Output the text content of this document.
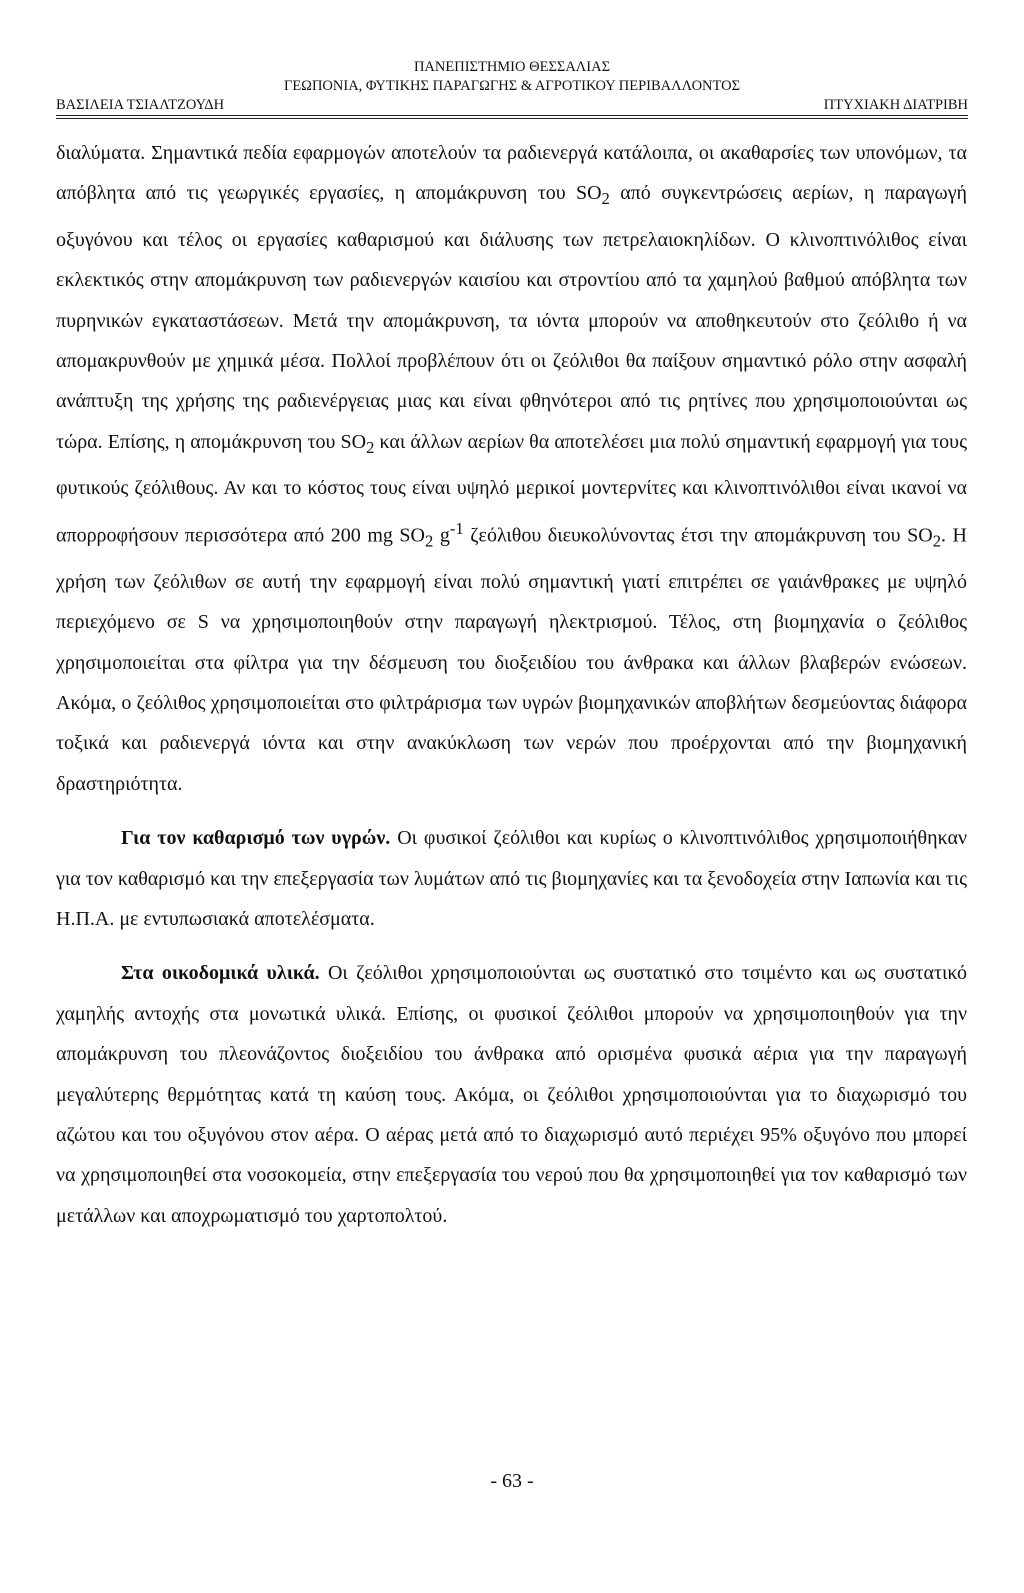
ΠΑΝΕΠΙΣΤΗΜΙΟ ΘΕΣΣΑΛΙΑΣ
ΓΕΩΠΟΝΙΑ, ΦΥΤΙΚΗΣ ΠΑΡΑΓΩΓΗΣ & ΑΓΡΟΤΙΚΟΥ ΠΕΡΙΒΑΛΛΟΝΤΟΣ
ΒΑΣΙΛΕΙΑ ΤΣΙΑΛΤΖΟΥΔΗ	ΠΤΥΧΙΑΚΗ ΔΙΑΤΡΙΒΗ

διαλύματα. Σημαντικά πεδία εφαρμογών αποτελούν τα ραδιενεργά κατάλοιπα, οι ακαθαρσίες των υπονόμων, τα απόβλητα από τις γεωργικές εργασίες, η απομάκρυνση του $SO_2$ από συγκεντρώσεις αερίων, η παραγωγή οξυγόνου και τέλος οι εργασίες καθαρισμού και διάλυσης των πετρελαιοκηλίδων. Ο κλινοπτινόλιθος είναι εκλεκτικός στην απομάκρυνση των ραδιενεργών καισίου και στροντίου από τα χαμηλού βαθμού απόβλητα των πυρηνικών εγκαταστάσεων. Μετά την απομάκρυνση, τα ιόντα μπορούν να αποθηκευτούν στο ζεόλιθο ή να απομακρυνθούν με χημικά μέσα. Πολλοί προβλέπουν ότι οι ζεόλιθοι θα παίξουν σημαντικό ρόλο στην ασφαλή ανάπτυξη της χρήσης της ραδιενέργειας μιας και είναι φθηνότεροι από τις ρητίνες που χρησιμοποιούνται ως τώρα. Επίσης, η απομάκρυνση του $SO_2$ και άλλων αερίων θα αποτελέσει μια πολύ σημαντική εφαρμογή για τους φυτικούς ζεόλιθους. Αν και το κόστος τους είναι υψηλό μερικοί μοντερνίτες και κλινοπτινόλιθοι είναι ικανοί να απορροφήσουν περισσότερα από 200 mg $SO_2$ $g^{-1}$ ζεόλιθου διευκολύνοντας έτσι την απομάκρυνση του $SO_2$. Η χρήση των ζεόλιθων σε αυτή την εφαρμογή είναι πολύ σημαντική γιατί επιτρέπει σε γαιάνθρακες με υψηλό περιεχόμενο σε S να χρησιμοποιηθούν στην παραγωγή ηλεκτρισμού. Τέλος, στη βιομηχανία ο ζεόλιθος χρησιμοποιείται στα φίλτρα για την δέσμευση του διοξειδίου του άνθρακα και άλλων βλαβερών ενώσεων. Ακόμα, ο ζεόλιθος χρησιμοποιείται στο φιλτράρισμα των υγρών βιομηχανικών αποβλήτων δεσμεύοντας διάφορα τοξικά και ραδιενεργά ιόντα και στην ανακύκλωση των νερών που προέρχονται από την βιομηχανική δραστηριότητα.

Για τον καθαρισμό των υγρών. Οι φυσικοί ζεόλιθοι και κυρίως ο κλινοπτινόλιθος χρησιμοποιήθηκαν για τον καθαρισμό και την επεξεργασία των λυμάτων από τις βιομηχανίες και τα ξενοδοχεία στην Ιαπωνία και τις Η.Π.Α. με εντυπωσιακά αποτελέσματα.

Στα οικοδομικά υλικά. Οι ζεόλιθοι χρησιμοποιούνται ως συστατικό στο τσιμέντο και ως συστατικό χαμηλής αντοχής στα μονωτικά υλικά. Επίσης, οι φυσικοί ζεόλιθοι μπορούν να χρησιμοποιηθούν για την απομάκρυνση του πλεονάζοντος διοξειδίου του άνθρακα από ορισμένα φυσικά αέρια για την παραγωγή μεγαλύτερης θερμότητας κατά τη καύση τους. Ακόμα, οι ζεόλιθοι χρησιμοποιούνται για το διαχωρισμό του αζώτου και του οξυγόνου στον αέρα. Ο αέρας μετά από το διαχωρισμό αυτό περιέχει 95% οξυγόνο που μπορεί να χρησιμοποιηθεί στα νοσοκομεία, στην επεξεργασία του νερού που θα χρησιμοποιηθεί για τον καθαρισμό των μετάλλων και αποχρωματισμό του χαρτοπολτού.

- 63 -
